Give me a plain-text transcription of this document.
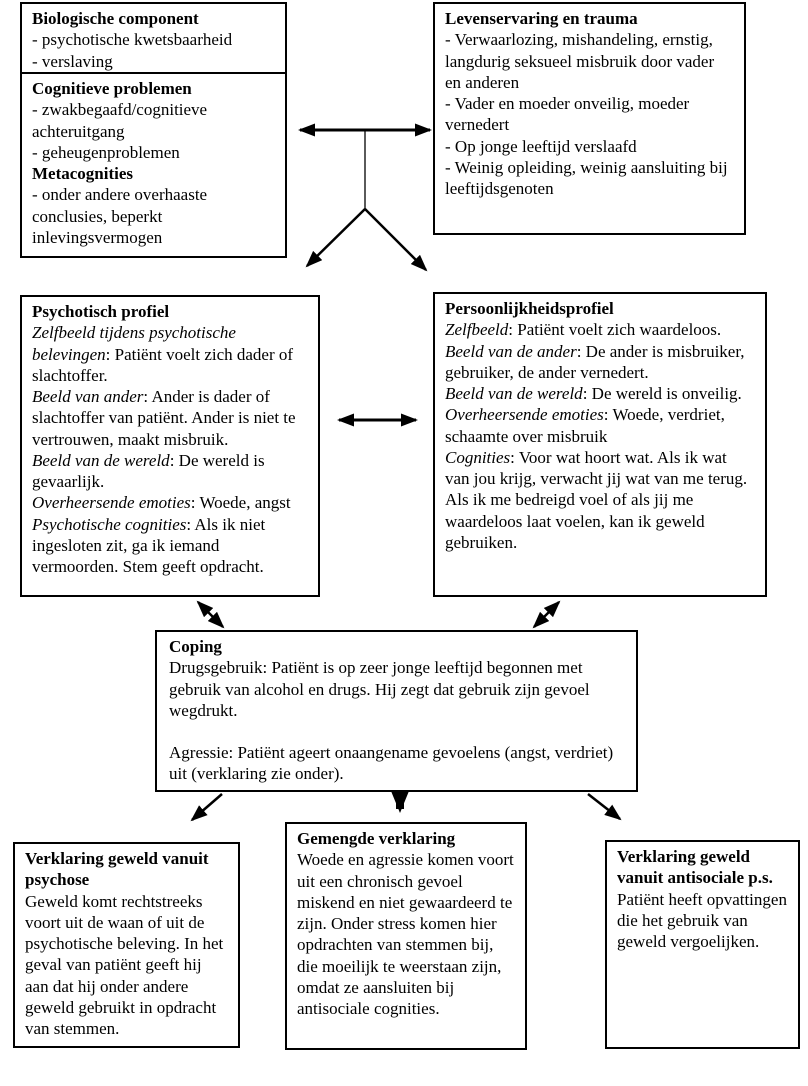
Biologische component
- psychotische kwetsbaarheid
- verslaving
Cognitieve problemen
- zwakbegaafd/cognitieve achteruitgang
- geheugenproblemen
Metacognities
- onder andere overhaaste conclusies, beperkt inlevingsvermogen
Levenservaring en trauma
- Verwaarlozing, mishandeling, ernstig, langdurig seksueel misbruik door vader en anderen
- Vader en moeder onveilig, moeder vernedert
- Op jonge leeftijd verslaafd
- Weinig opleiding, weinig aansluiting bij leeftijdsgenoten
Psychotisch profiel
Zelfbeeld tijdens psychotische belevingen: Patiënt voelt zich dader of slachtoffer.
Beeld van ander: Ander is dader of slachtoffer van patiënt. Ander is niet te vertrouwen, maakt misbruik.
Beeld van de wereld: De wereld is gevaarlijk.
Overheersende emoties: Woede, angst
Psychotische cognities: Als ik niet ingesloten zit, ga ik iemand vermoorden. Stem geeft opdracht.
Persoonlijkheidsprofiel
Zelfbeeld: Patiënt voelt zich waardeloos.
Beeld van de ander: De ander is misbruiker, gebruiker, de ander vernedert.
Beeld van de wereld: De wereld is onveilig.
Overheersende emoties: Woede, verdriet, schaamte over misbruik
Cognities: Voor wat hoort wat. Als ik wat van jou krijg, verwacht jij wat van me terug. Als ik me bedreigd voel of als jij me waardeloos laat voelen, kan ik geweld gebruiken.
Coping
Drugsgebruik: Patiënt is op zeer jonge leeftijd begonnen met gebruik van alcohol en drugs. Hij zegt dat gebruik zijn gevoel wegdrukt.
Agressie: Patiënt ageert onaangename gevoelens (angst, verdriet) uit (verklaring zie onder).
Verklaring geweld vanuit psychose
Geweld komt rechtstreeks voort uit de waan of uit de psychotische beleving. In het geval van patiënt geeft hij aan dat hij onder andere geweld gebruikt in opdracht van stemmen.
Gemengde verklaring
Woede en agressie komen voort uit een chronisch gevoel miskend en niet gewaardeerd te zijn. Onder stress komen hier opdrachten van stemmen bij, die moeilijk te weerstaan zijn, omdat ze aansluiten bij antisociale cognities.
Verklaring geweld vanuit antisociale p.s.
Patiënt heeft opvattingen die het gebruik van geweld vergoelijken.
